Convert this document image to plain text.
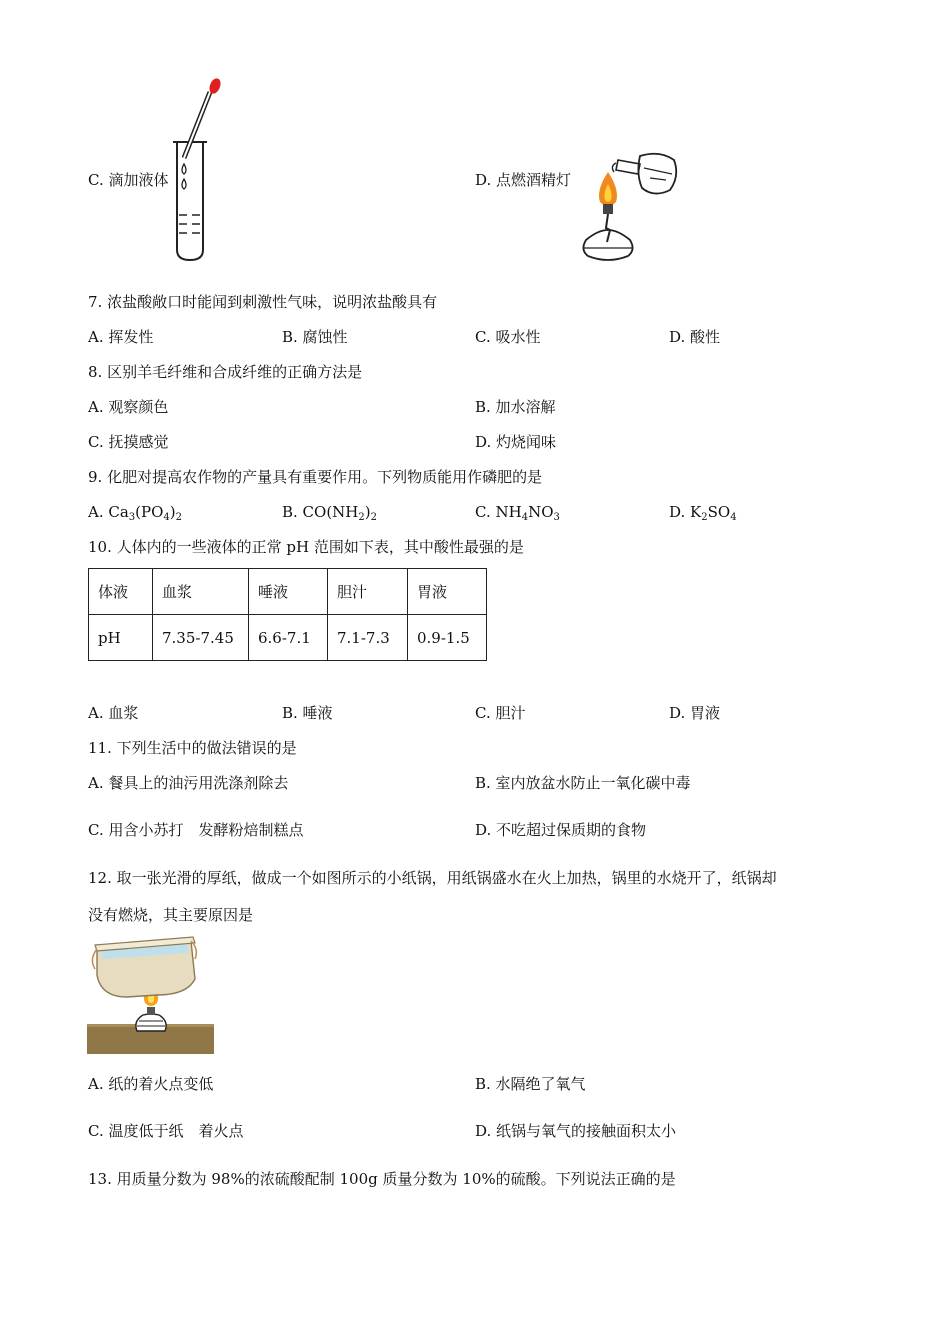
C. 滴加液体	D. 点燃酒精灯
7. 浓盐酸敞口时能闻到刺激性气味，说明浓盐酸具有
A. 挥发性	B. 腐蚀性	C. 吸水性	D. 酸性
8. 区别羊毛纤维和合成纤维的正确方法是
A. 观察颜色	B. 加水溶解
C. 抚摸感觉	D. 灼烧闻味
9. 化肥对提高农作物的产量具有重要作用。下列物质能用作磷肥的是
A. $Ca_3(PO_4)_2$	B. $CO(NH_2)_2$	C. $NH_4NO_3$	D. $K_2SO_4$
10. 人体内的一些液体的正常 pH 范围如下表，其中酸性最强的是
体液	血浆	唾液	胆汁	胃液
pH	7.35-7.45	6.6-7.1	7.1-7.3	0.9-1.5
A. 血浆	B. 唾液	C. 胆汁	D. 胃液
11. 下列生活中的做法错误的是
A. 餐具上的油污用洗涤剂除去	B. 室内放盆水防止一氧化碳中毒
C. 用含小苏打　发酵粉焙制糕点	D. 不吃超过保质期的食物
12. 取一张光滑的厚纸，做成一个如图所示的小纸锅，用纸锅盛水在火上加热，锅里的水烧开了，纸锅却
没有燃烧，其主要原因是
A. 纸的着火点变低	B. 水隔绝了氧气
C. 温度低于纸　着火点	D. 纸锅与氧气的接触面积太小
13. 用质量分数为 98%的浓硫酸配制 100g 质量分数为 10%的硫酸。下列说法正确的是
